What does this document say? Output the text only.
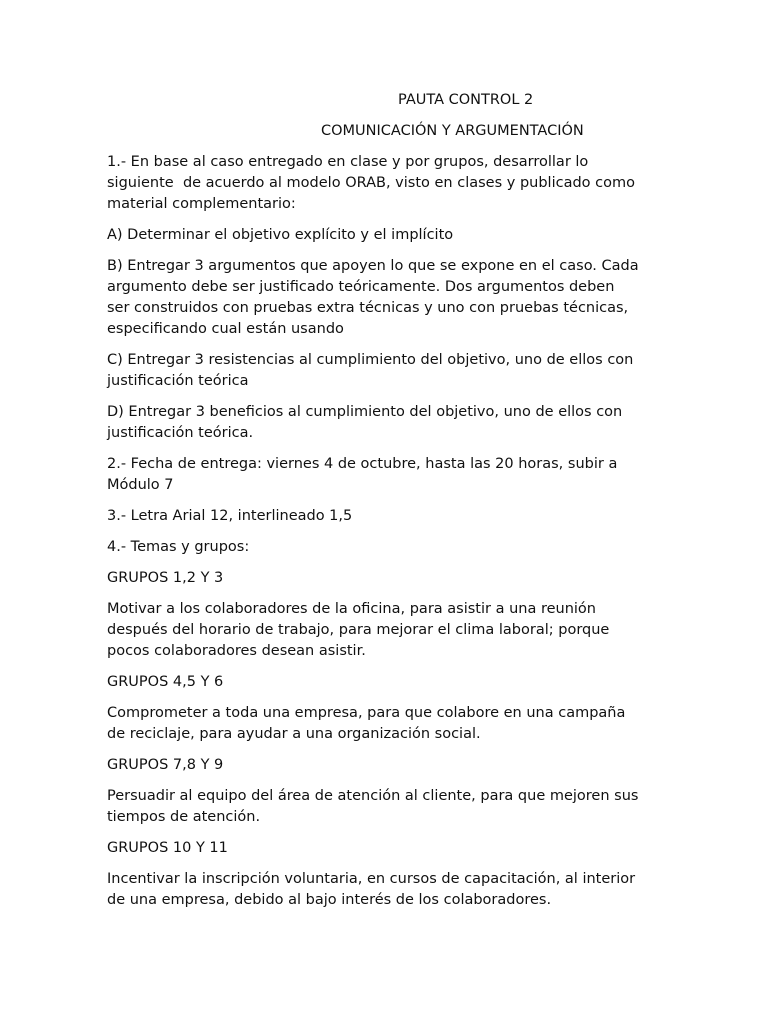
PAUTA CONTROL 2
COMUNICACIÓN Y ARGUMENTACIÓN

1.- En base al caso entregado en clase y por grupos, desarrollar lo
siguiente  de acuerdo al modelo ORAB, visto en clases y publicado como
material complementario:

A) Determinar el objetivo explícito y el implícito

B) Entregar 3 argumentos que apoyen lo que se expone en el caso. Cada
argumento debe ser justificado teóricamente. Dos argumentos deben
ser construidos con pruebas extra técnicas y uno con pruebas técnicas,
especificando cual están usando

C) Entregar 3 resistencias al cumplimiento del objetivo, uno de ellos con
justificación teórica

D) Entregar 3 beneficios al cumplimiento del objetivo, uno de ellos con
justificación teórica.

2.- Fecha de entrega: viernes 4 de octubre, hasta las 20 horas, subir a
Módulo 7

3.- Letra Arial 12, interlineado 1,5

4.- Temas y grupos:

GRUPOS 1,2 Y 3

Motivar a los colaboradores de la oficina, para asistir a una reunión
después del horario de trabajo, para mejorar el clima laboral; porque
pocos colaboradores desean asistir.

GRUPOS 4,5 Y 6

Comprometer a toda una empresa, para que colabore en una campaña
de reciclaje, para ayudar a una organización social.

GRUPOS 7,8 Y 9

Persuadir al equipo del área de atención al cliente, para que mejoren sus
tiempos de atención.

GRUPOS 10 Y 11

Incentivar la inscripción voluntaria, en cursos de capacitación, al interior
de una empresa, debido al bajo interés de los colaboradores.
